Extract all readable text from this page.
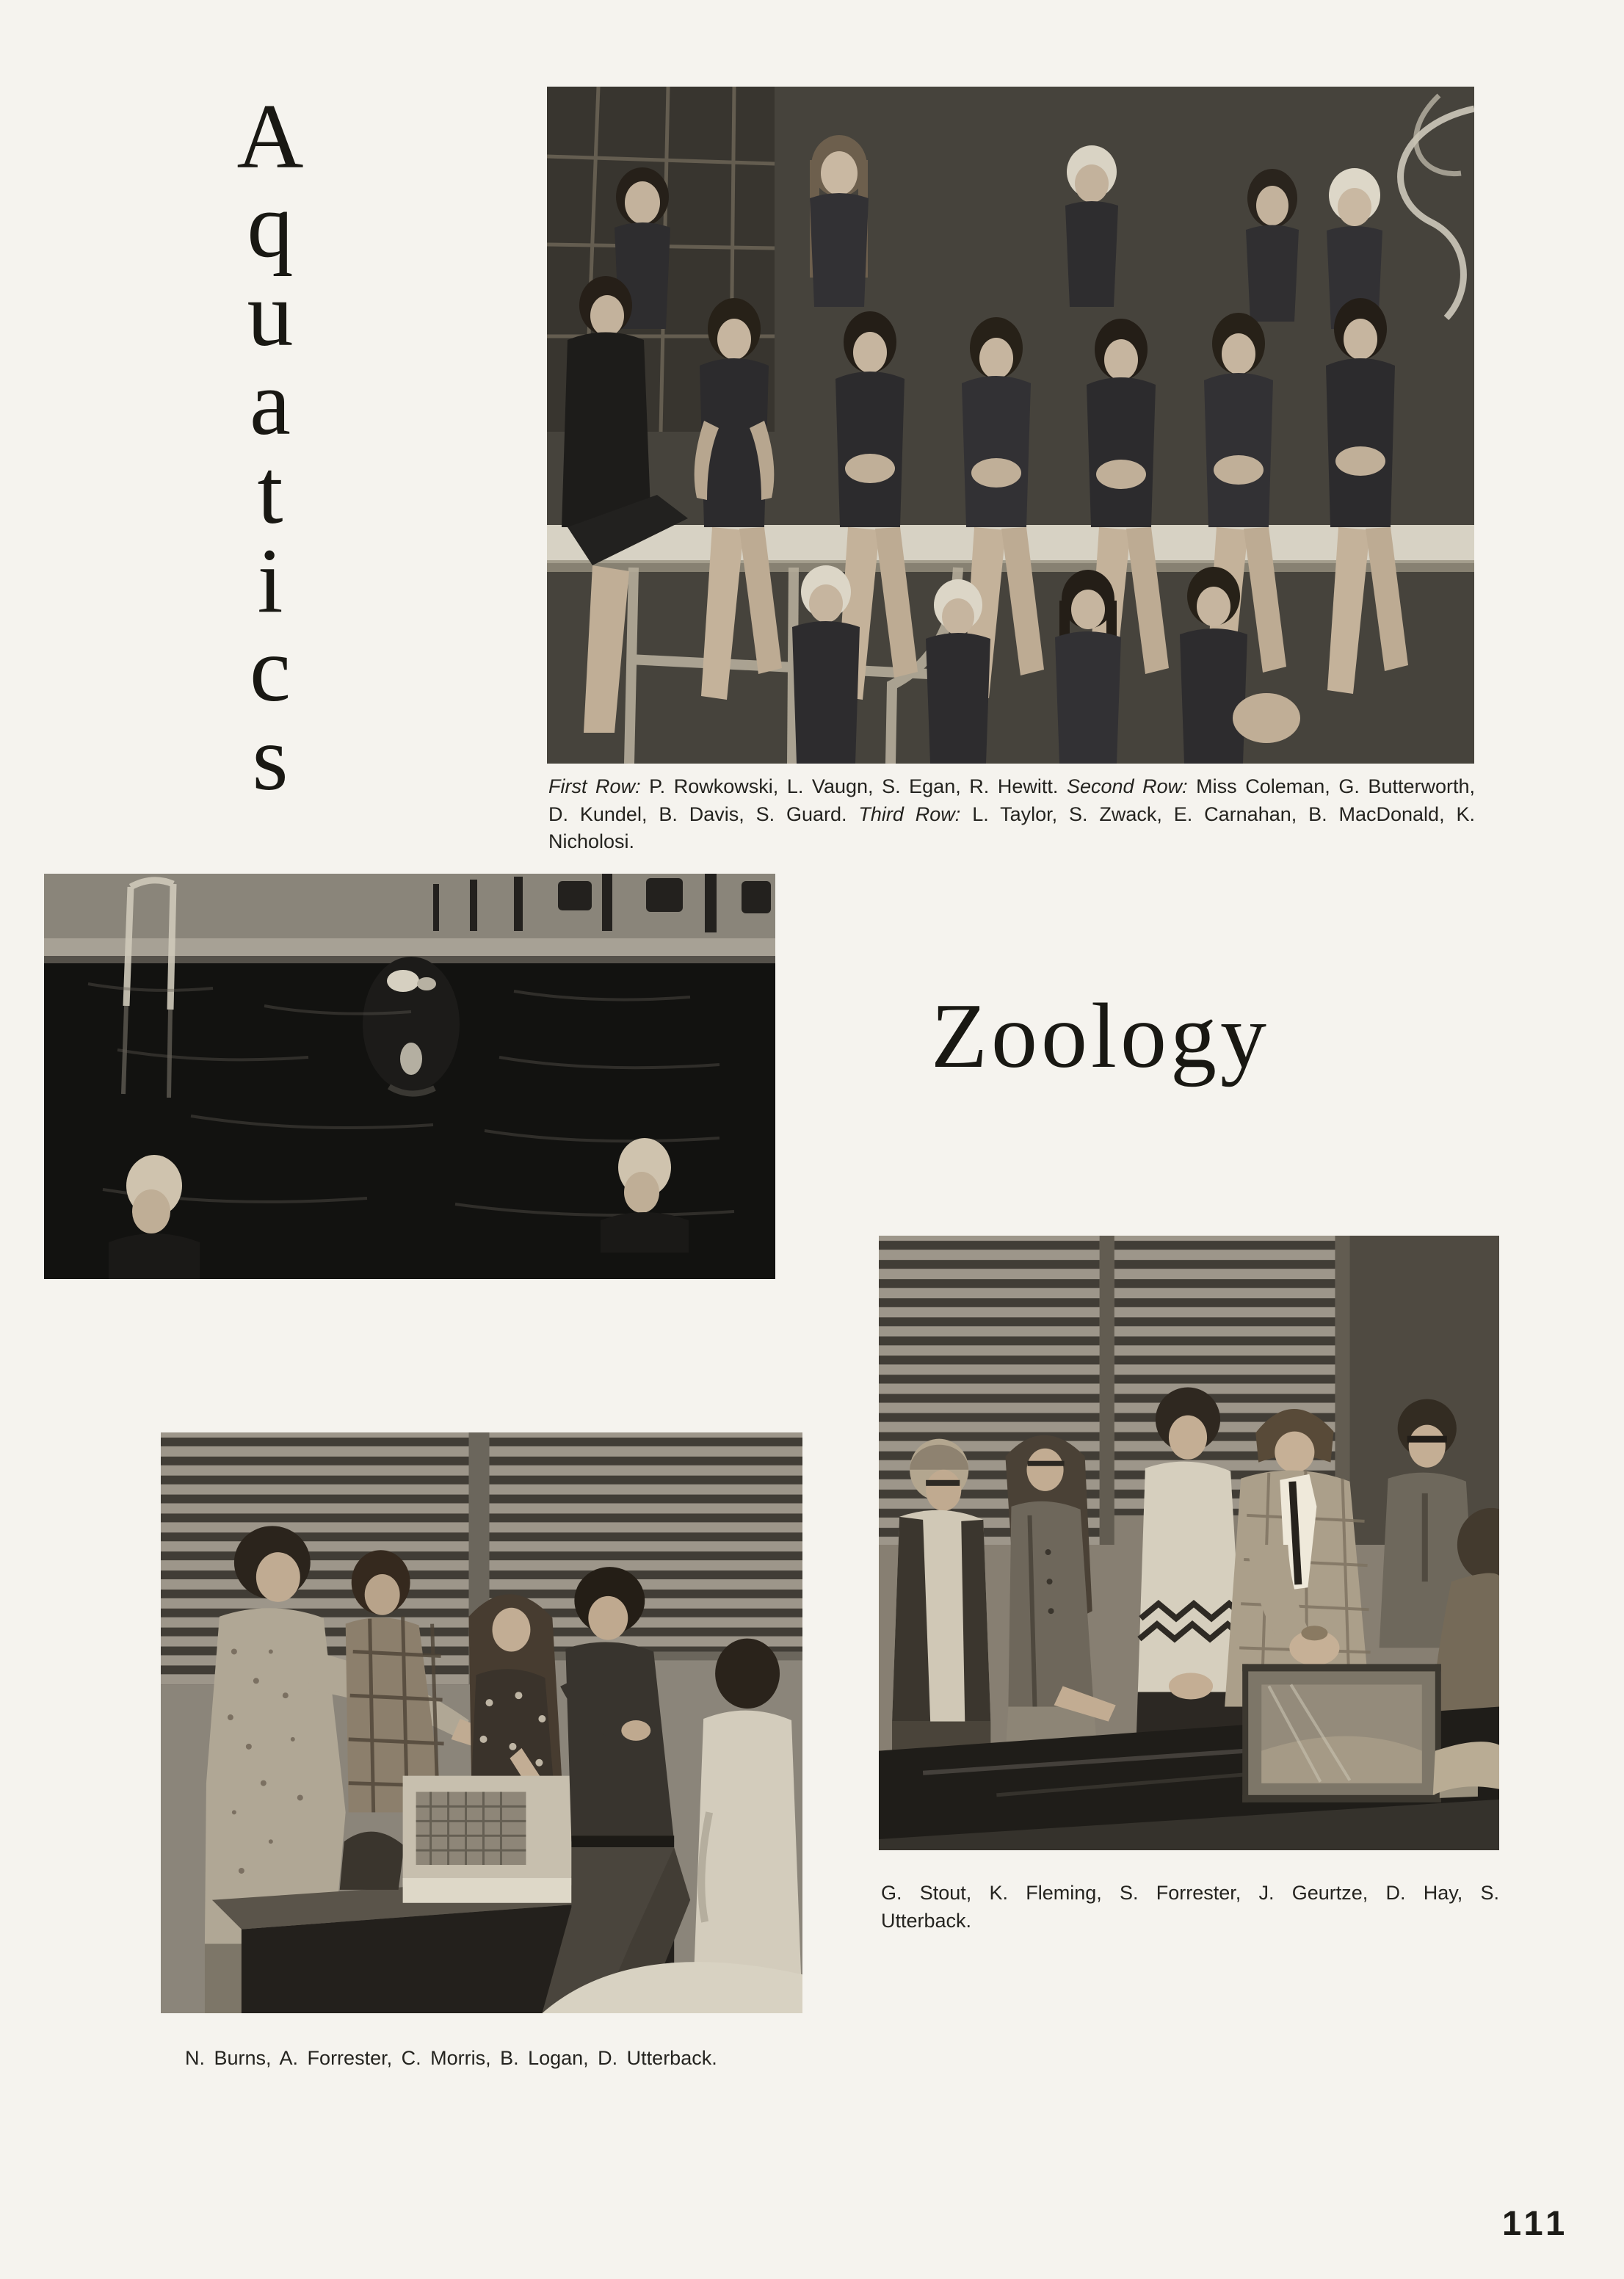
A
q
u
a
t
i
c
s	First Row: P. Rowkowski, L. Vaugn, S. Egan, R. Hewitt. Second Row: Miss Coleman, G. Butterworth, D. Kundel, B. Davis, S. Guard. Third Row: L. Taylor, S. Zwack, E. Carnahan, B. MacDonald, K. Nicholosi.
Zoology
G. Stout, K. Fleming, S. Forrester, J. Geurtze, D. Hay, S. Utterback.
N. Burns, A. Forrester, C. Morris, B. Logan, D. Utterback.
111
